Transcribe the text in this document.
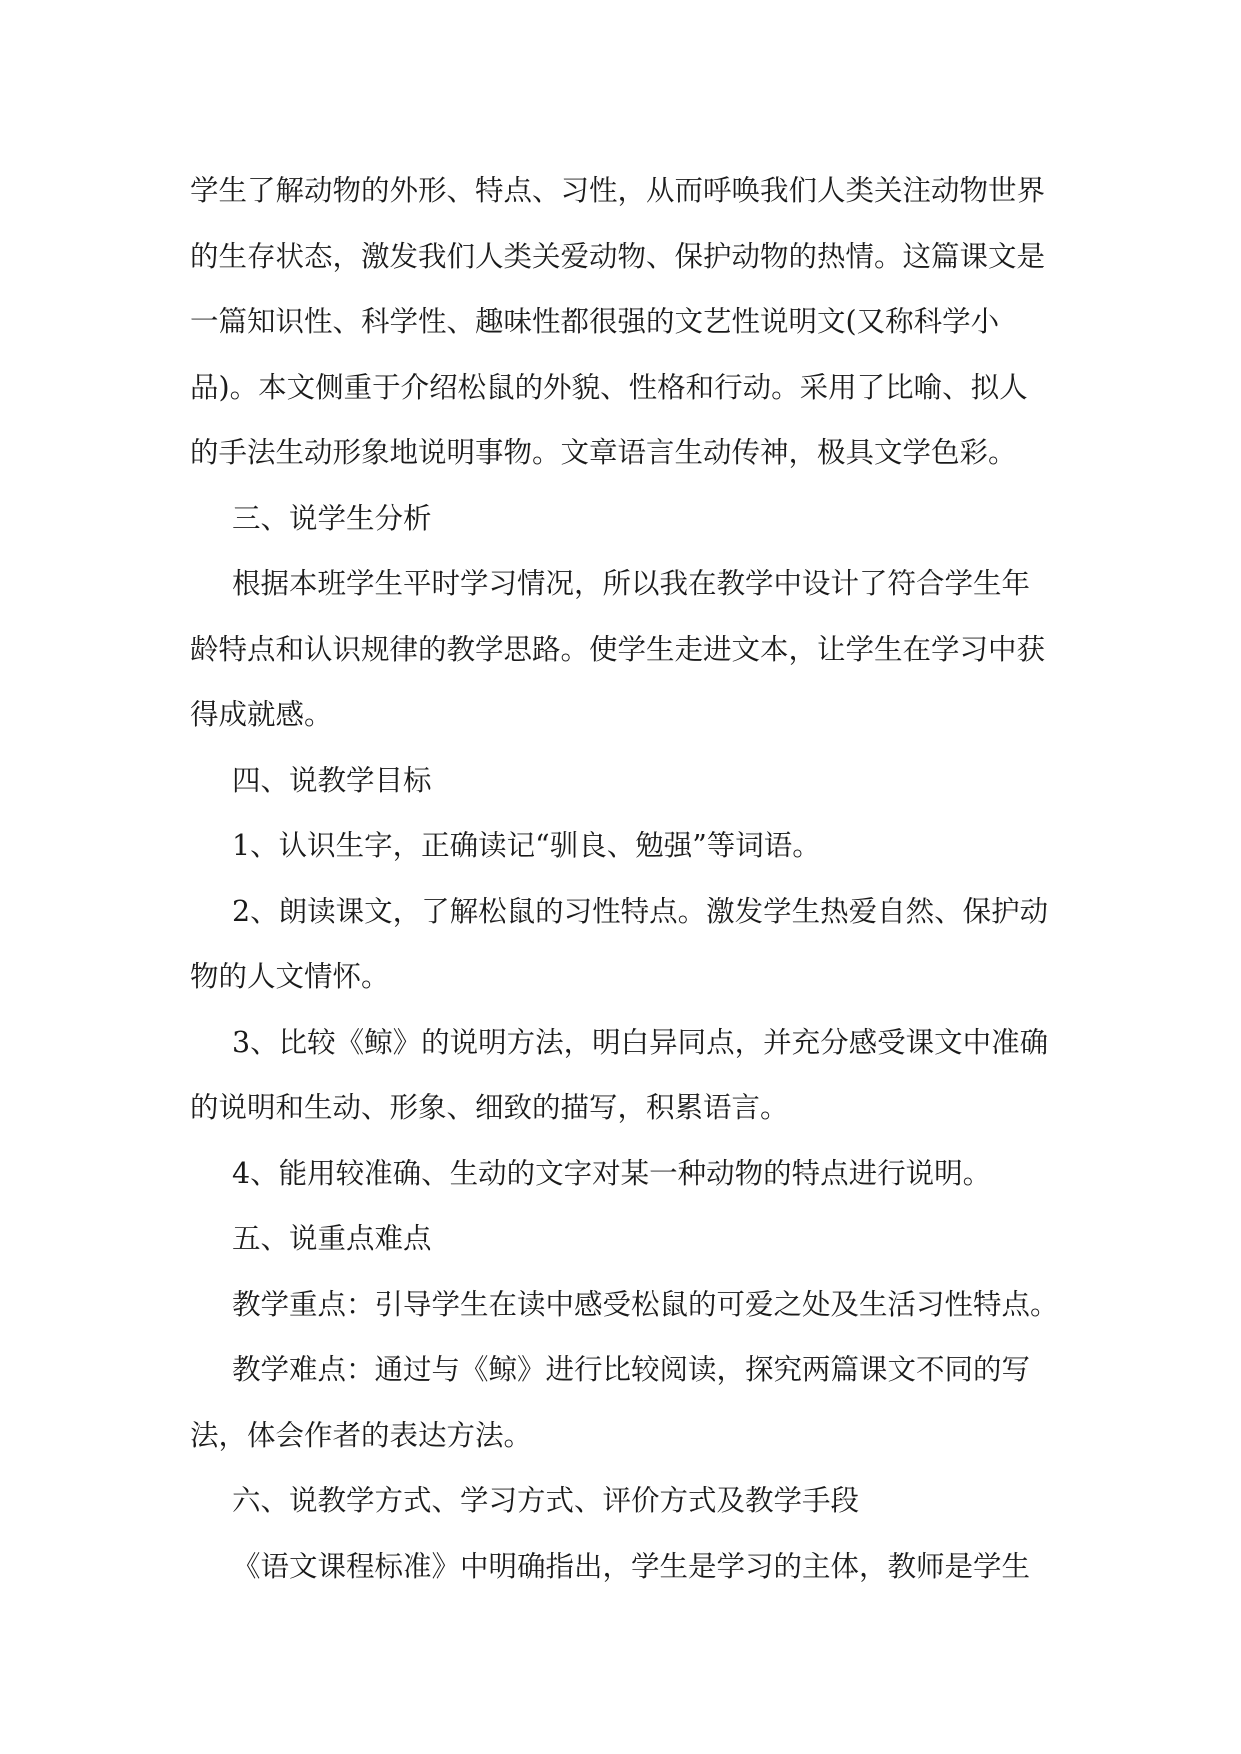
学生了解动物的外形、特点、习性，从而呼唤我们人类关注动物世界
的生存状态，激发我们人类关爱动物、保护动物的热情。这篇课文是
一篇知识性、科学性、趣味性都很强的文艺性说明文(又称科学小
品)。本文侧重于介绍松鼠的外貌、性格和行动。采用了比喻、拟人
的手法生动形象地说明事物。文章语言生动传神，极具文学色彩。
三、说学生分析
根据本班学生平时学习情况，所以我在教学中设计了符合学生年
龄特点和认识规律的教学思路。使学生走进文本，让学生在学习中获
得成就感。
四、说教学目标
1、认识生字，正确读记“驯良、勉强”等词语。
2、朗读课文，了解松鼠的习性特点。激发学生热爱自然、保护动
物的人文情怀。
3、比较《鲸》的说明方法，明白异同点，并充分感受课文中准确
的说明和生动、形象、细致的描写，积累语言。
4、能用较准确、生动的文字对某一种动物的特点进行说明。
五、说重点难点
教学重点：引导学生在读中感受松鼠的可爱之处及生活习性特点。
教学难点：通过与《鲸》进行比较阅读，探究两篇课文不同的写
法，体会作者的表达方法。
六、说教学方式、学习方式、评价方式及教学手段
《语文课程标准》中明确指出，学生是学习的主体，教师是学生
